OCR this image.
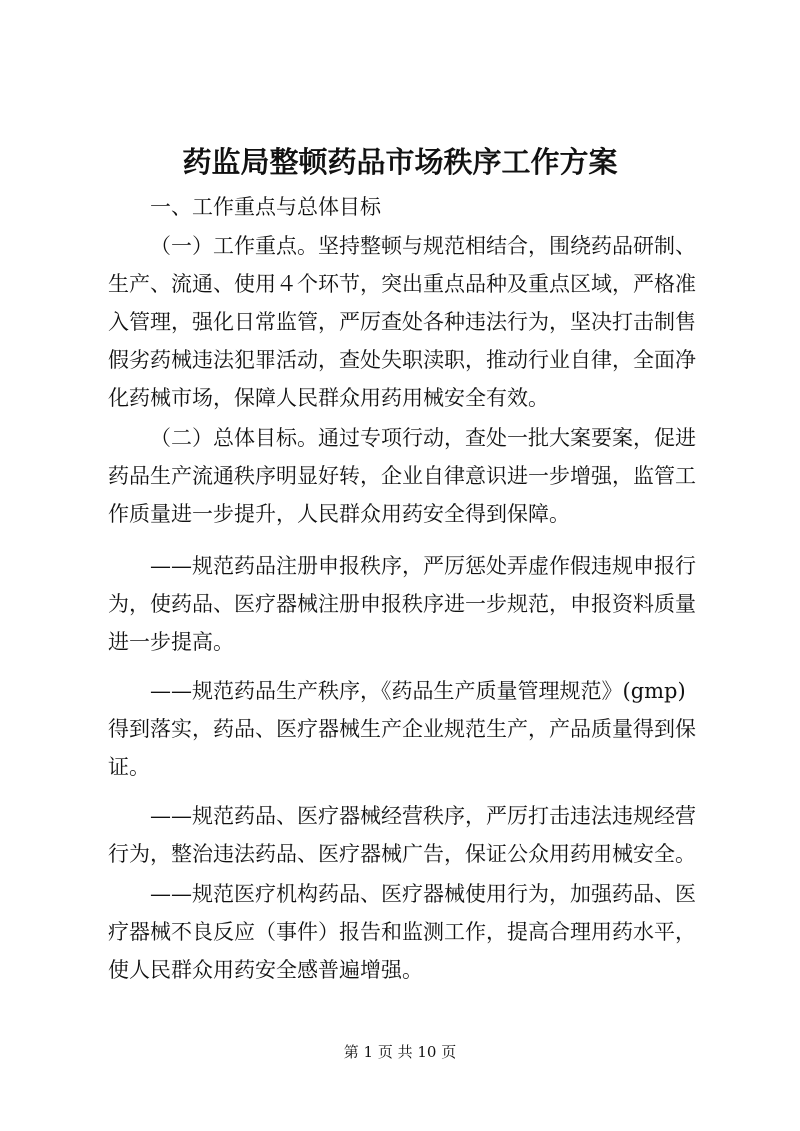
药监局整顿药品市场秩序工作方案
一、工作重点与总体目标
（一）工作重点。坚持整顿与规范相结合，围绕药品研制、
生产、流通、使用４个环节，突出重点品种及重点区域，严格准
入管理，强化日常监管，严厉查处各种违法行为，坚决打击制售
假劣药械违法犯罪活动，查处失职渎职，推动行业自律，全面净
化药械市场，保障人民群众用药用械安全有效。
（二）总体目标。通过专项行动，查处一批大案要案，促进
药品生产流通秩序明显好转，企业自律意识进一步增强，监管工
作质量进一步提升，人民群众用药安全得到保障。
——规范药品注册申报秩序，严厉惩处弄虚作假违规申报行
为，使药品、医疗器械注册申报秩序进一步规范，申报资料质量
进一步提高。
——规范药品生产秩序，《药品生产质量管理规范》(gmp)
得到落实，药品、医疗器械生产企业规范生产，产品质量得到保
证。
——规范药品、医疗器械经营秩序，严厉打击违法违规经营
行为，整治违法药品、医疗器械广告，保证公众用药用械安全。
——规范医疗机构药品、医疗器械使用行为，加强药品、医
疗器械不良反应（事件）报告和监测工作，提高合理用药水平，
使人民群众用药安全感普遍增强。
第 1 页 共 10 页
